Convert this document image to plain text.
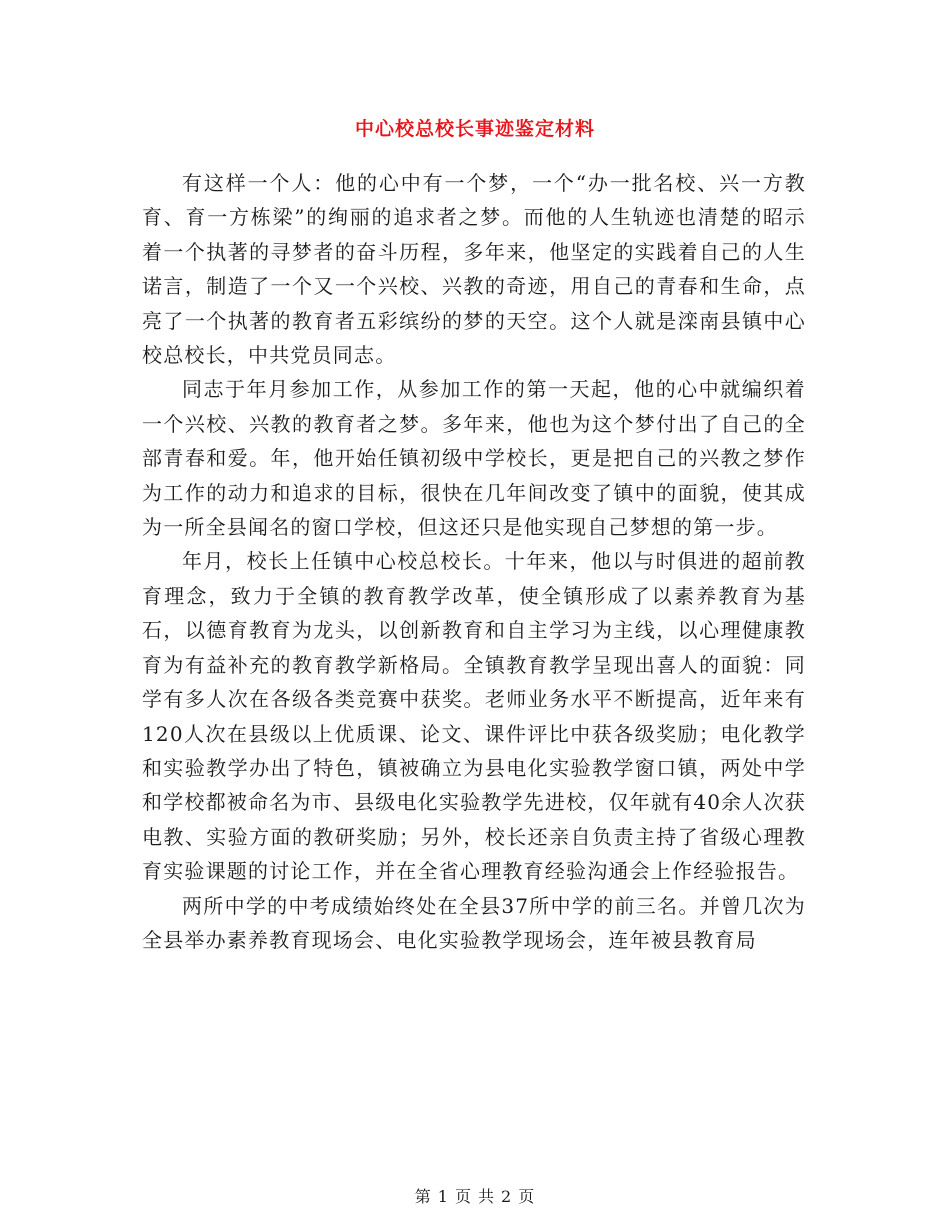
中心校总校长事迹鉴定材料

有这样一个人：他的心中有一个梦，一个“办一批名校、兴一方教育、育一方栋梁”的绚丽的追求者之梦。而他的人生轨迹也清楚的昭示着一个执著的寻梦者的奋斗历程，多年来，他坚定的实践着自己的人生诺言，制造了一个又一个兴校、兴教的奇迹，用自己的青春和生命，点亮了一个执著的教育者五彩缤纷的梦的天空。这个人就是滦南县镇中心校总校长，中共党员同志。

同志于年月参加工作，从参加工作的第一天起，他的心中就编织着一个兴校、兴教的教育者之梦。多年来，他也为这个梦付出了自己的全部青春和爱。年，他开始任镇初级中学校长，更是把自己的兴教之梦作为工作的动力和追求的目标，很快在几年间改变了镇中的面貌，使其成为一所全县闻名的窗口学校，但这还只是他实现自己梦想的第一步。

年月，校长上任镇中心校总校长。十年来，他以与时俱进的超前教育理念，致力于全镇的教育教学改革，使全镇形成了以素养教育为基石，以德育教育为龙头，以创新教育和自主学习为主线，以心理健康教育为有益补充的教育教学新格局。全镇教育教学呈现出喜人的面貌：同学有多人次在各级各类竞赛中获奖。老师业务水平不断提高，近年来有120人次在县级以上优质课、论文、课件评比中获各级奖励；电化教学和实验教学办出了特色，镇被确立为县电化实验教学窗口镇，两处中学和学校都被命名为市、县级电化实验教学先进校，仅年就有40余人次获电教、实验方面的教研奖励；另外，校长还亲自负责主持了省级心理教育实验课题的讨论工作，并在全省心理教育经验沟通会上作经验报告。

两所中学的中考成绩始终处在全县37所中学的前三名。并曾几次为全县举办素养教育现场会、电化实验教学现场会，连年被县教育局

第 1 页 共 2 页
